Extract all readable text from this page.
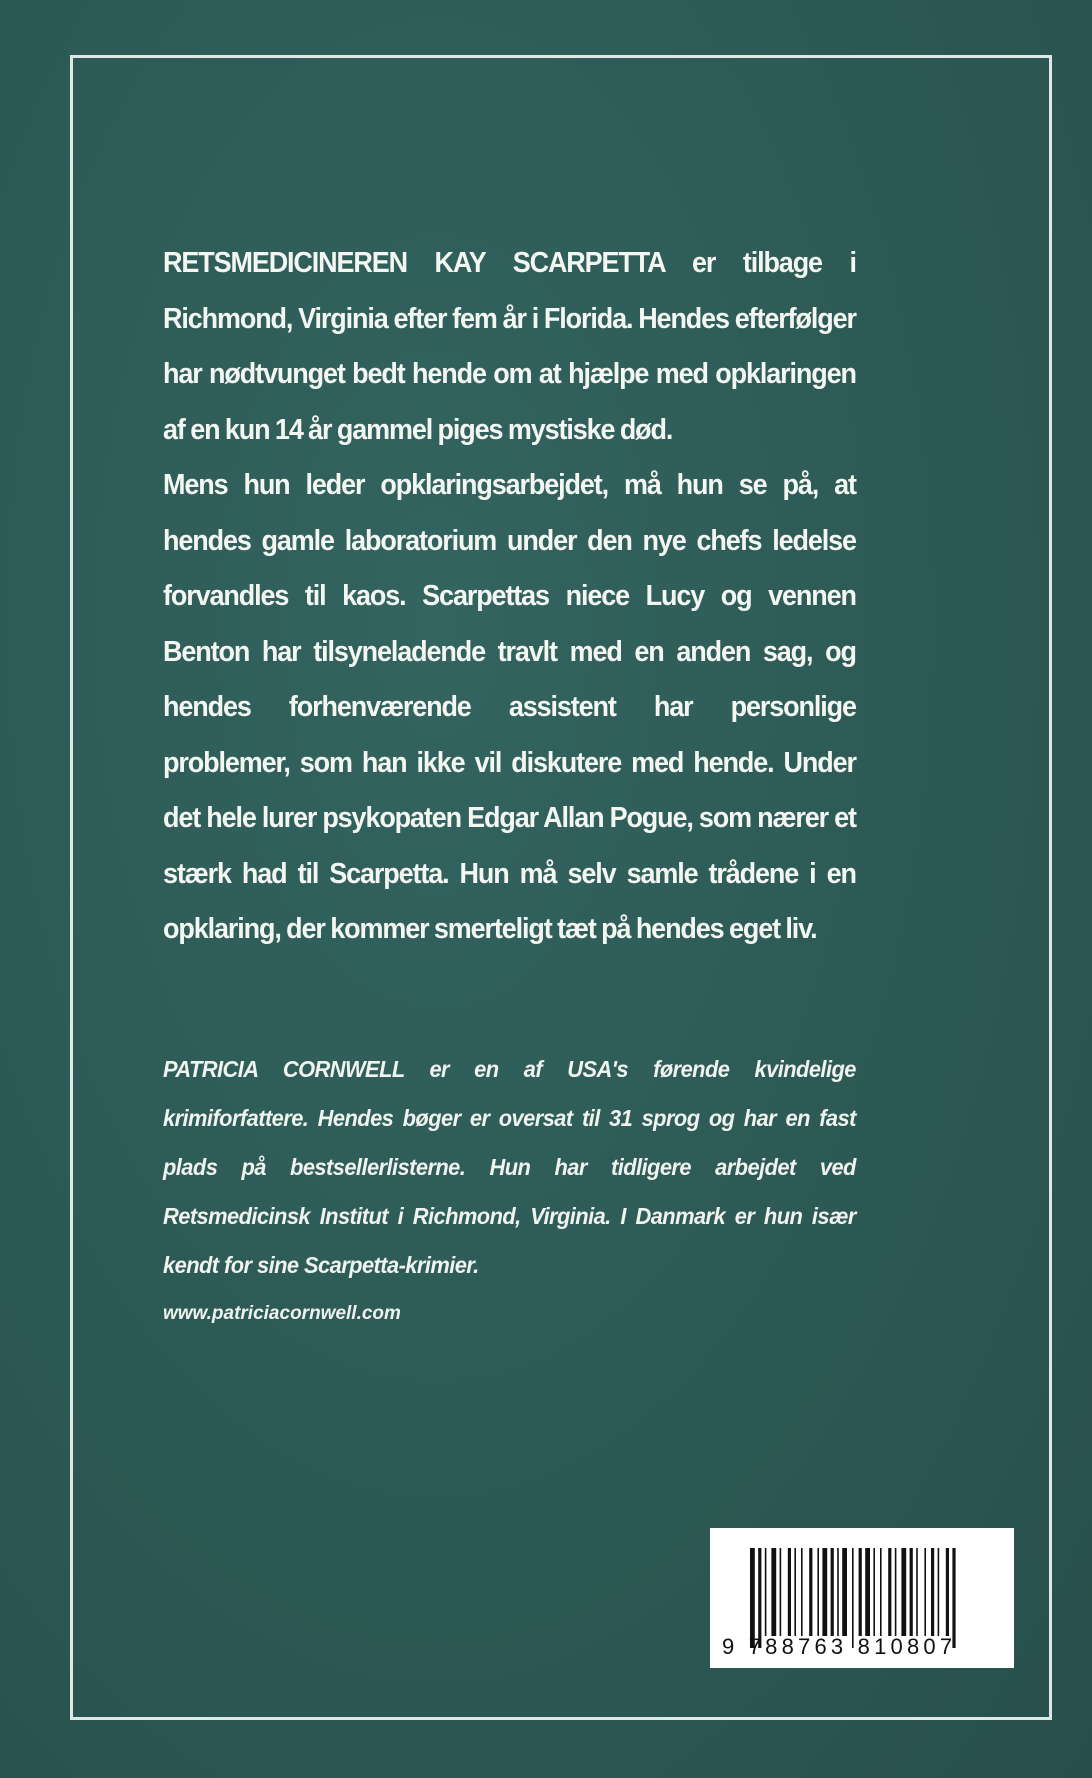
RETSMEDICINEREN KAY SCARPETTA er tilbage i Richmond, Virginia efter fem år i Florida. Hendes efterfølger har nødtvunget bedt hende om at hjælpe med opklaringen af en kun 14 år gammel piges mystiske død.

Mens hun leder opklaringsarbejdet, må hun se på, at hendes gamle laboratorium under den nye chefs ledelse forvandles til kaos. Scarpettas niece Lucy og vennen Benton har tilsyneladende travlt med en anden sag, og hendes forhenværende assistent har personlige problemer, som han ikke vil diskutere med hende. Under det hele lurer psykopaten Edgar Allan Pogue, som nærer et stærk had til Scarpetta. Hun må selv samle trådene i en opklaring, der kommer smerteligt tæt på hendes eget liv.

PATRICIA CORNWELL er en af USA's førende kvindelige krimiforfattere. Hendes bøger er oversat til 31 sprog og har en fast plads på bestsellerlisterne. Hun har tidligere arbejdet ved Retsmedicinsk Institut i Richmond, Virginia. I Danmark er hun især kendt for sine Scarpetta-krimier.

www.patriciacornwell.com
9 788763 810807
